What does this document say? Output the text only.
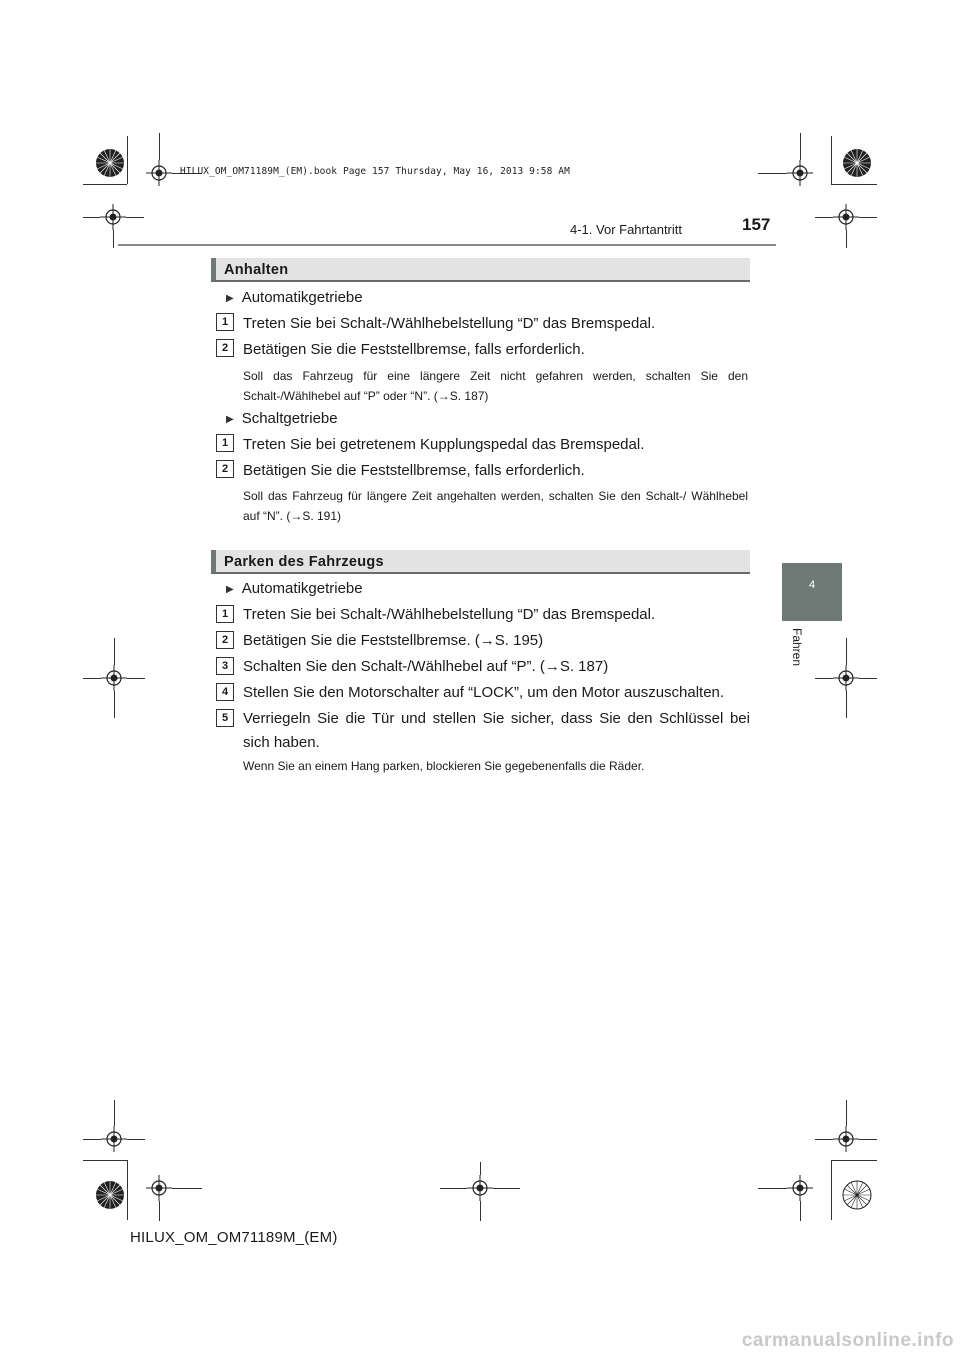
HILUX_OM_OM71189M_(EM).book Page 157 Thursday, May 16, 2013 9:58 AM
4-1. Vor Fahrtantritt	157
4
Fahren
Anhalten
▶ Automatikgetriebe
1 Treten Sie bei Schalt-/Wählhebelstellung “D” das Bremspedal.
2 Betätigen Sie die Feststellbremse, falls erforderlich.
Soll das Fahrzeug für eine längere Zeit nicht gefahren werden, schalten Sie den Schalt-/Wählhebel auf “P” oder “N”. (→S. 187)
▶ Schaltgetriebe
1 Treten Sie bei getretenem Kupplungspedal das Bremspedal.
2 Betätigen Sie die Feststellbremse, falls erforderlich.
Soll das Fahrzeug für längere Zeit angehalten werden, schalten Sie den Schalt-/ Wählhebel auf “N”. (→S. 191)
Parken des Fahrzeugs
▶ Automatikgetriebe
1 Treten Sie bei Schalt-/Wählhebelstellung “D” das Bremspedal.
2 Betätigen Sie die Feststellbremse. (→S. 195)
3 Schalten Sie den Schalt-/Wählhebel auf “P”. (→S. 187)
4 Stellen Sie den Motorschalter auf “LOCK”, um den Motor auszuschalten.
5 Verriegeln Sie die Tür und stellen Sie sicher, dass Sie den Schlüssel bei sich haben.
Wenn Sie an einem Hang parken, blockieren Sie gegebenenfalls die Räder.
HILUX_OM_OM71189M_(EM)
carmanualsonline.info
